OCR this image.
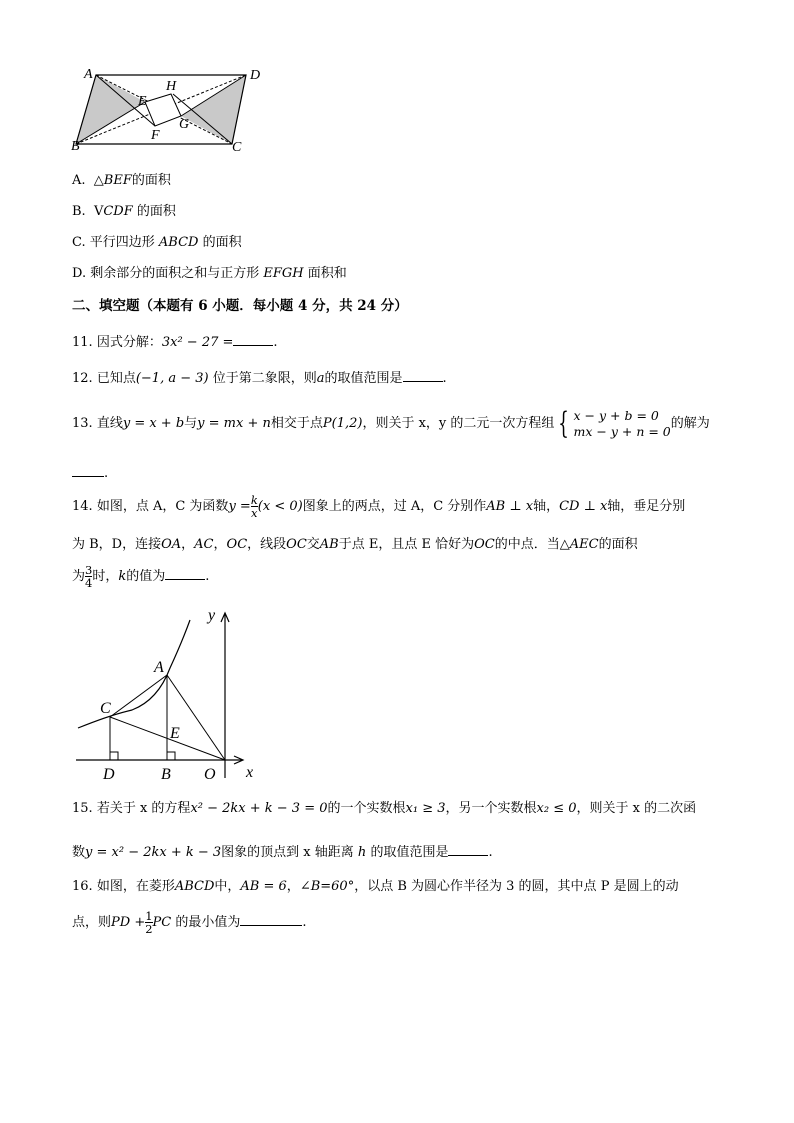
A	D
B	C
H
E
G
F
A. △BEF的面积
B. VCDF 的面积
C. 平行四边形 ABCD 的面积
D. 剩余部分的面积之和与正方形 EFGH 面积和
二、填空题（本题有 6 小题．每小题 4 分，共 24 分）
11. 因式分解：3x² − 27 =	.
12. 已知点(−1, a − 3) 位于第二象限，则a的取值范围是	.
13. 直线y = x + b与y = mx + n相交于点P(1,2)，则关于 x，y 的二元一次方程组 { x − y + b = 0
mx − y + n = 0 的解为
.
14. 如图，点 A，C 为函数$y = \frac{k}{x} (x < 0)$图象上的两点，过 A，C 分别作AB ⊥ x轴，CD ⊥ x轴，垂足分别
为 B，D，连接OA，AC，OC，线段OC交AB于点 E，且点 E 恰好为OC的中点．当△AEC的面积
为 $\frac{3}{4}$ 时，k的值为	.
y
A
C
E
D	B O x
15. 若关于 x 的方程x² − 2kx + k − 3 = 0的一个实数根x₁ ≥ 3，另一个实数根x₂ ≤ 0，则关于 x 的二次函
数y = x² − 2kx + k − 3图象的顶点到 x 轴距离 h 的取值范围是	.
16. 如图，在菱形ABCD中，AB = 6，∠B=60°，以点 B 为圆心作半径为 3 的圆，其中点 P 是圆上的动
点，则PD + $\frac{1}{2}$ PC 的最小值为	.
